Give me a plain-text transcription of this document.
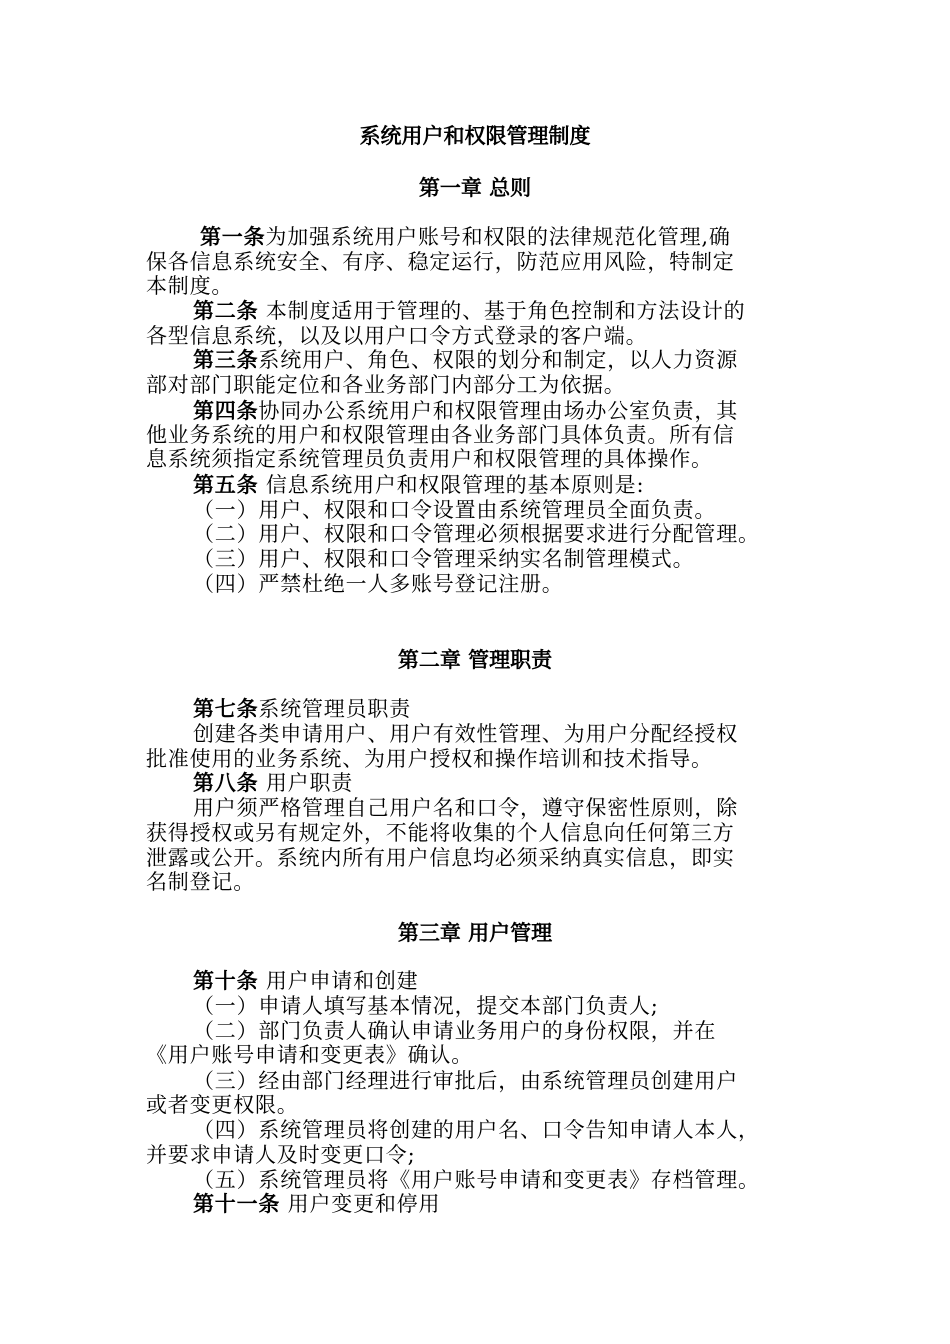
系统用户和权限管理制度
第一章 总则
第一条为加强系统用户账号和权限的法律规范化管理,确
保各信息系统安全、有序、稳定运行，防范应用风险，特制定
本制度。
第二条 本制度适用于管理的、基于角色控制和方法设计的
各型信息系统，以及以用户口令方式登录的客户端。
第三条系统用户、角色、权限的划分和制定，以人力资源
部对部门职能定位和各业务部门内部分工为依据。
第四条协同办公系统用户和权限管理由场办公室负责，其
他业务系统的用户和权限管理由各业务部门具体负责。所有信
息系统须指定系统管理员负责用户和权限管理的具体操作。
第五条 信息系统用户和权限管理的基本原则是:
（一）用户、权限和口令设置由系统管理员全面负责。
（二）用户、权限和口令管理必须根据要求进行分配管理。
（三）用户、权限和口令管理采纳实名制管理模式。
（四）严禁杜绝一人多账号登记注册。
第二章 管理职责
第七条系统管理员职责
创建各类申请用户、用户有效性管理、为用户分配经授权
批准使用的业务系统、为用户授权和操作培训和技术指导。
第八条 用户职责
用户须严格管理自己用户名和口令，遵守保密性原则，除
获得授权或另有规定外，不能将收集的个人信息向任何第三方
泄露或公开。系统内所有用户信息均必须采纳真实信息，即实
名制登记。
第三章 用户管理
第十条 用户申请和创建
（一）申请人填写基本情况，提交本部门负责人;
（二）部门负责人确认申请业务用户的身份权限，并在
《用户账号申请和变更表》确认。
（三）经由部门经理进行审批后，由系统管理员创建用户
或者变更权限。
（四）系统管理员将创建的用户名、口令告知申请人本人，
并要求申请人及时变更口令;
（五）系统管理员将《用户账号申请和变更表》存档管理。
第十一条 用户变更和停用
